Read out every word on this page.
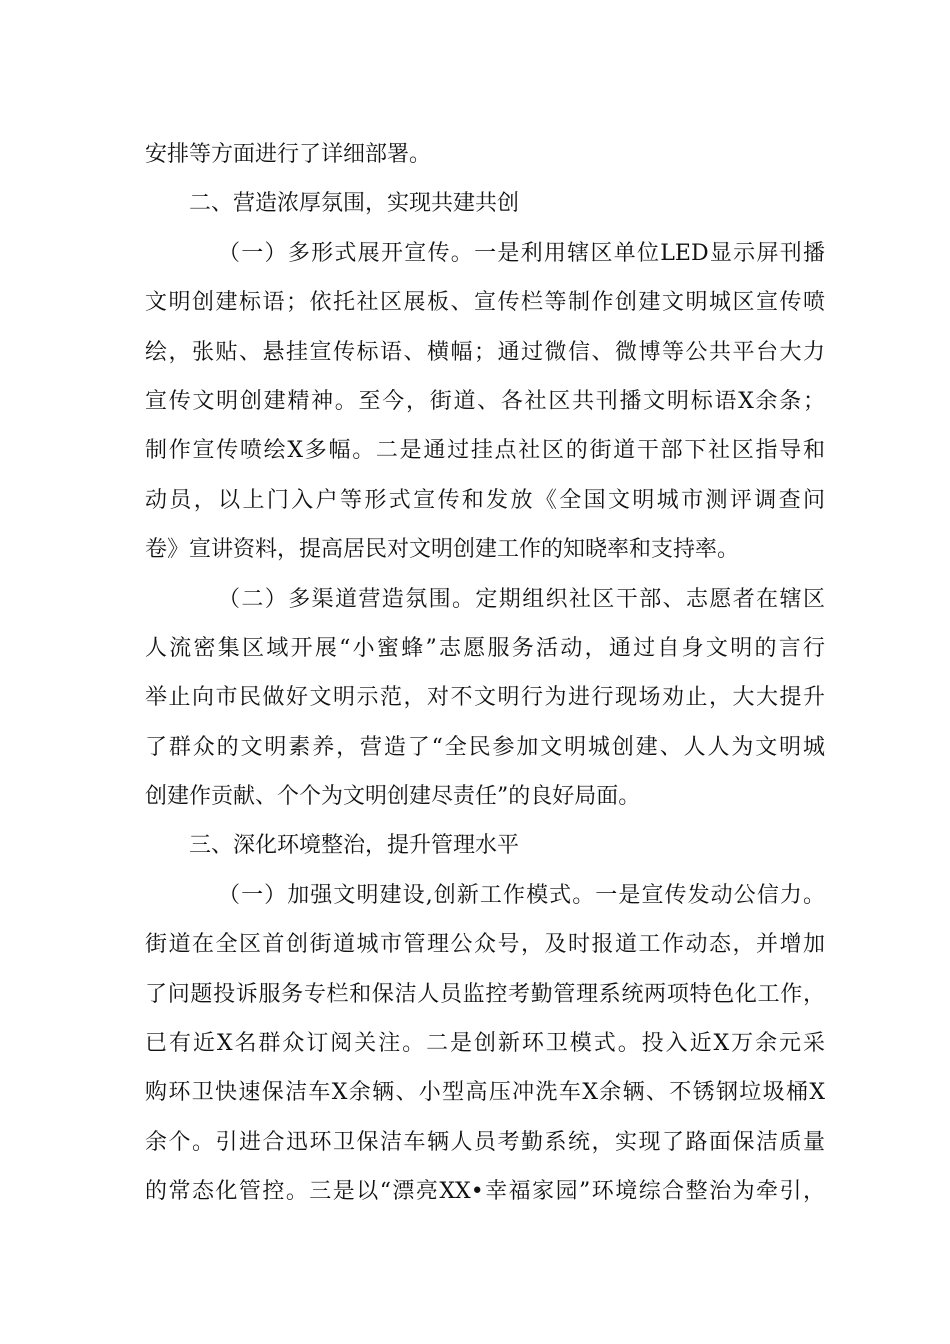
安排等方面进行了详细部署。
二、营造浓厚氛围，实现共建共创
（一）多形式展开宣传。一是利用辖区单位LED显示屏刊播
文明创建标语；依托社区展板、宣传栏等制作创建文明城区宣传喷
绘，张贴、悬挂宣传标语、横幅；通过微信、微博等公共平台大力
宣传文明创建精神。至今，街道、各社区共刊播文明标语X余条；
制作宣传喷绘X多幅。二是通过挂点社区的街道干部下社区指导和
动员，以上门入户等形式宣传和发放《全国文明城市测评调查问
卷》宣讲资料，提高居民对文明创建工作的知晓率和支持率。
（二）多渠道营造氛围。定期组织社区干部、志愿者在辖区
人流密集区域开展“小蜜蜂”志愿服务活动，通过自身文明的言行
举止向市民做好文明示范，对不文明行为进行现场劝止，大大提升
了群众的文明素养，营造了“全民参加文明城创建、人人为文明城
创建作贡献、个个为文明创建尽责任”的良好局面。
三、深化环境整治，提升管理水平
（一）加强文明建设,创新工作模式。一是宣传发动公信力。
街道在全区首创街道城市管理公众号，及时报道工作动态，并增加
了问题投诉服务专栏和保洁人员监控考勤管理系统两项特色化工作，
已有近X名群众订阅关注。二是创新环卫模式。投入近X万余元采
购环卫快速保洁车X余辆、小型高压冲洗车X余辆、不锈钢垃圾桶X
余个。引进合迅环卫保洁车辆人员考勤系统，实现了路面保洁质量
的常态化管控。三是以“漂亮XX•幸福家园”环境综合整治为牵引，
